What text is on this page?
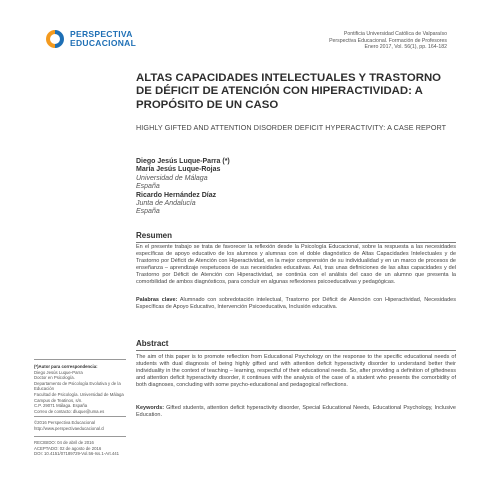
PERSPECTIVA
EDUCACIONAL
Pontificia Universidad Católica de Valparaíso
Perspectiva Educacional. Formación de Profesores
Enero 2017, Vol. 56(1), pp. 164-182
ALTAS CAPACIDADES INTELECTUALES Y TRASTORNO DE DÉFICIT DE ATENCIÓN CON HIPERACTIVIDAD: A PROPÓSITO DE UN CASO

HIGHLY GIFTED AND ATTENTION DISORDER DEFICIT HYPERACTIVITY: A CASE REPORT

Diego Jesús Luque-Parra (*)
María Jesús Luque-Rojas
Universidad de Málaga
España
Ricardo Hernández Díaz
Junta de Andalucía
España
Resumen

En el presente trabajo se trata de favorecer la reflexión desde la Psicología Educacional, sobre la respuesta a las necesidades específicas de apoyo educativo de los alumnos y alumnas con el doble diagnóstico de Altas Capacidades Intelectuales y de Trastorno por Déficit de Atención con Hiperactividad, en la mejor comprensión de su individualidad y en un marco de procesos de enseñanza – aprendizaje respetuosos de sus necesidades educativas. Así, tras unas definiciones de las altas capacidades y del Trastorno por Déficit de Atención con Hiperactividad, se continúa con el análisis del caso de un alumno que presenta la comorbilidad de ambos diagnósticos, para concluir en algunas reflexiones psicoeducativas y pedagógicas.

Palabras clave: Alumnado con sobredotación intelectual, Trastorno por Déficit de Atención con Hiperactividad, Necesidades Específicas de Apoyo Educativo, Intervención Psicoeducativa, Inclusión educativa.

Abstract

The aim of this paper is to promote reflection from Educational Psychology on the response to the specific educational needs of students with dual diagnosis of being highly gifted and with attention deficit hyperactivity disorder to understand better their individuality in the context of teaching – learning, respectful of their educational needs. So, after providing a definition of giftedness and attention deficit hyperactivity disorder, it continues with the analysis of the case of a student who presents the comorbidity of both diagnoses, concluding with some psycho-educational and pedagogical reflections.

Keywords: Gifted students, attention deficit hyperactivity disorder, Special Educational Needs, Educational Psychology, Inclusive Education.

(*)Autor para correspondencia:
Diego Jesús Luque-Parra
Doctor en Psicología.
Departamento de Psicología Evolutiva y de la Educación
Facultad de Psicología. Universidad de Málaga
Campus de Teatinos, s/n.
C.P. 29071 Málaga. España
Correo de contacto: dluque@uma.es
©2016 Perspectiva Educacional
http://www.perspectivaeducacional.cl
RECIBIDO: 04 de abril de 2016
ACEPTADO: 02 de agosto de 2016
DOI: 10.4151/07189729-Vol.56-Iss.1-Art.441
